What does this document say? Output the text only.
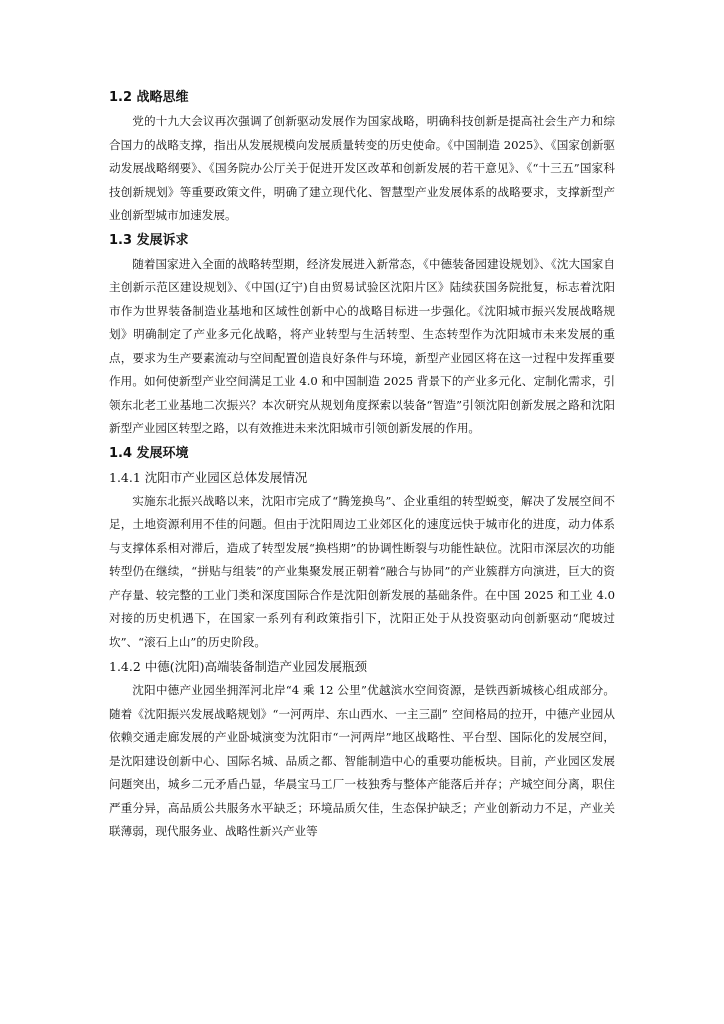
1.2 战略思维

党的十九大会议再次强调了创新驱动发展作为国家战略，明确科技创新是提高社会生产力和综合国力的战略支撑，指出从发展规模向发展质量转变的历史使命。《中国制造 2025》、《国家创新驱动发展战略纲要》、《国务院办公厅关于促进开发区改革和创新发展的若干意见》、《“十三五”国家科技创新规划》等重要政策文件，明确了建立现代化、智慧型产业发展体系的战略要求，支撑新型产业创新型城市加速发展。

1.3 发展诉求

随着国家进入全面的战略转型期，经济发展进入新常态，《中德装备园建设规划》、《沈大国家自主创新示范区建设规划》、《中国(辽宁)自由贸易试验区沈阳片区》陆续获国务院批复，标志着沈阳市作为世界装备制造业基地和区域性创新中心的战略目标进一步强化。《沈阳城市振兴发展战略规划》明确制定了产业多元化战略，将产业转型与生活转型、生态转型作为沈阳城市未来发展的重点，要求为生产要素流动与空间配置创造良好条件与环境，新型产业园区将在这一过程中发挥重要作用。如何使新型产业空间满足工业 4.0 和中国制造 2025 背景下的产业多元化、定制化需求，引领东北老工业基地二次振兴？本次研究从规划角度探索以装备“智造”引领沈阳创新发展之路和沈阳新型产业园区转型之路，以有效推进未来沈阳城市引领创新发展的作用。

1.4 发展环境
1.4.1 沈阳市产业园区总体发展情况

实施东北振兴战略以来，沈阳市完成了“腾笼换鸟”、企业重组的转型蜕变，解决了发展空间不足，土地资源利用不佳的问题。但由于沈阳周边工业郊区化的速度远快于城市化的进度，动力体系与支撑体系相对滞后，造成了转型发展“换档期”的协调性断裂与功能性缺位。沈阳市深层次的功能转型仍在继续，“拼贴与组装”的产业集聚发展正朝着“融合与协同”的产业簇群方向演进，巨大的资产存量、较完整的工业门类和深度国际合作是沈阳创新发展的基础条件。在中国 2025 和工业 4.0 对接的历史机遇下，在国家一系列有利政策指引下，沈阳正处于从投资驱动向创新驱动“爬坡过坎”、“滚石上山”的历史阶段。

1.4.2 中德(沈阳)高端装备制造产业园发展瓶颈

沈阳中德产业园坐拥浑河北岸“4 乘 12 公里”优越滨水空间资源，是铁西新城核心组成部分。随着《沈阳振兴发展战略规划》“一河两岸、东山西水、一主三副” 空间格局的拉开，中德产业园从依赖交通走廊发展的产业卧城演变为沈阳市“一河两岸”地区战略性、平台型、国际化的发展空间，是沈阳建设创新中心、国际名城、品质之都、智能制造中心的重要功能板块。目前，产业园区发展问题突出，城乡二元矛盾凸显，华晨宝马工厂一枝独秀与整体产能落后并存；产城空间分离，职住严重分异，高品质公共服务水平缺乏；环境品质欠佳，生态保护缺乏；产业创新动力不足，产业关联薄弱，现代服务业、战略性新兴产业等
